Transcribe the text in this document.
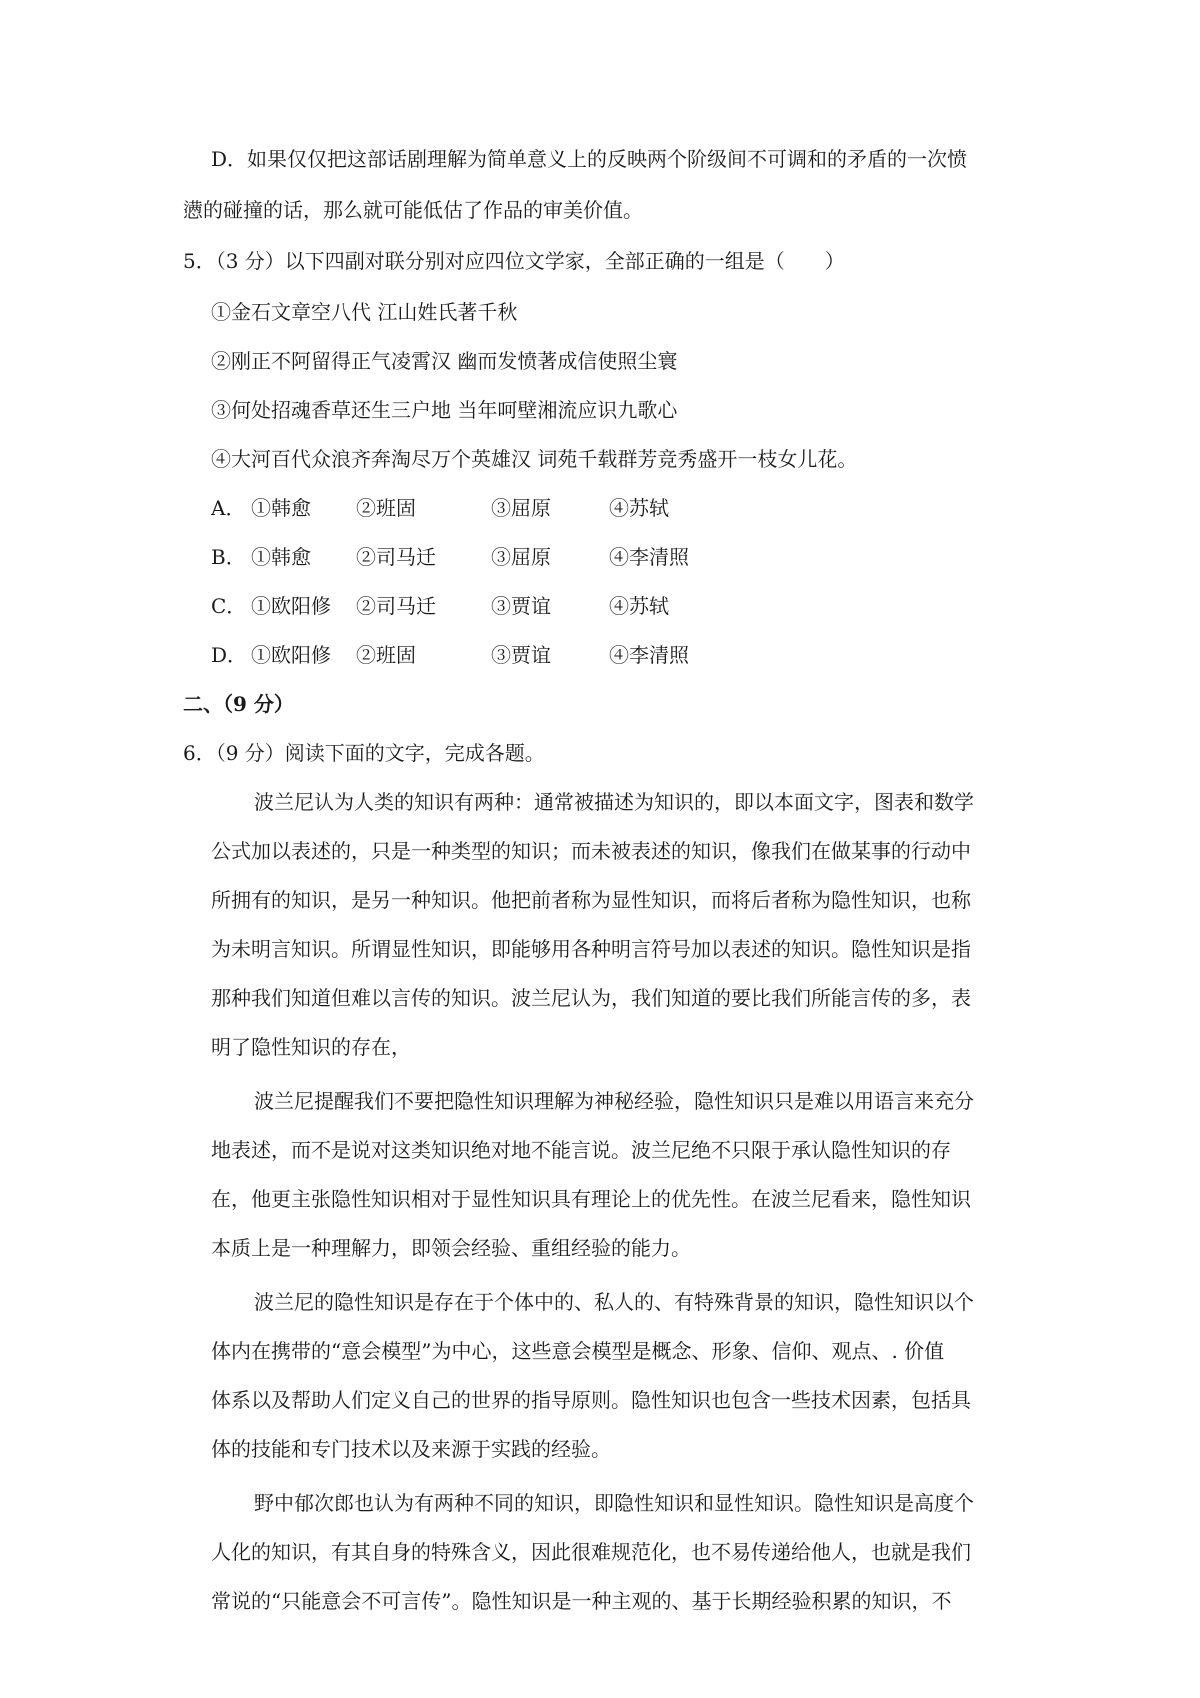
D．如果仅仅把这部话剧理解为简单意义上的反映两个阶级间不可调和的矛盾的一次愤
懑的碰撞的话，那么就可能低估了作品的审美价值。
5．（3 分）以下四副对联分别对应四位文学家，全部正确的一组是（　　）
①金石文章空八代 江山姓氏著千秋
②刚正不阿留得正气凌霄汉 幽而发愤著成信使照尘寰
③何处招魂香草还生三户地 当年呵壁湘流应识九歌心
④大河百代众浪齐奔淘尽万个英雄汉 词苑千载群芳竞秀盛开一枝女儿花。
A． ①韩愈 ②班固	③屈原	④苏轼
B． ①韩愈 ②司马迁	③屈原	④李清照
C． ①欧阳修 ②司马迁	③贾谊	④苏轼
D． ①欧阳修 ②班固	③贾谊	④李清照
二、（9 分）
6．（9 分）阅读下面的文字，完成各题。
波兰尼认为人类的知识有两种：通常被描述为知识的，即以本面文字，图表和数学
公式加以表述的，只是一种类型的知识；而未被表述的知识，像我们在做某事的行动中
所拥有的知识，是另一种知识。他把前者称为显性知识，而将后者称为隐性知识，也称
为未明言知识。所谓显性知识，即能够用各种明言符号加以表述的知识。隐性知识是指
那种我们知道但难以言传的知识。波兰尼认为，我们知道的要比我们所能言传的多，表
明了隐性知识的存在，
波兰尼提醒我们不要把隐性知识理解为神秘经验，隐性知识只是难以用语言来充分
地表述，而不是说对这类知识绝对地不能言说。波兰尼绝不只限于承认隐性知识的存
在，他更主张隐性知识相对于显性知识具有理论上的优先性。在波兰尼看来，隐性知识
本质上是一种理解力，即领会经验、重组经验的能力。
波兰尼的隐性知识是存在于个体中的、私人的、有特殊背景的知识，隐性知识以个
体内在携带的“意会模型”为中心，这些意会模型是概念、形象、信仰、观点、. 价值
体系以及帮助人们定义自己的世界的指导原则。隐性知识也包含一些技术因素，包括具
体的技能和专门技术以及来源于实践的经验。
野中郁次郎也认为有两种不同的知识，即隐性知识和显性知识。隐性知识是高度个
人化的知识，有其自身的特殊含义，因此很难规范化，也不易传递给他人，也就是我们
常说的“只能意会不可言传”。隐性知识是一种主观的、基于长期经验积累的知识，不
